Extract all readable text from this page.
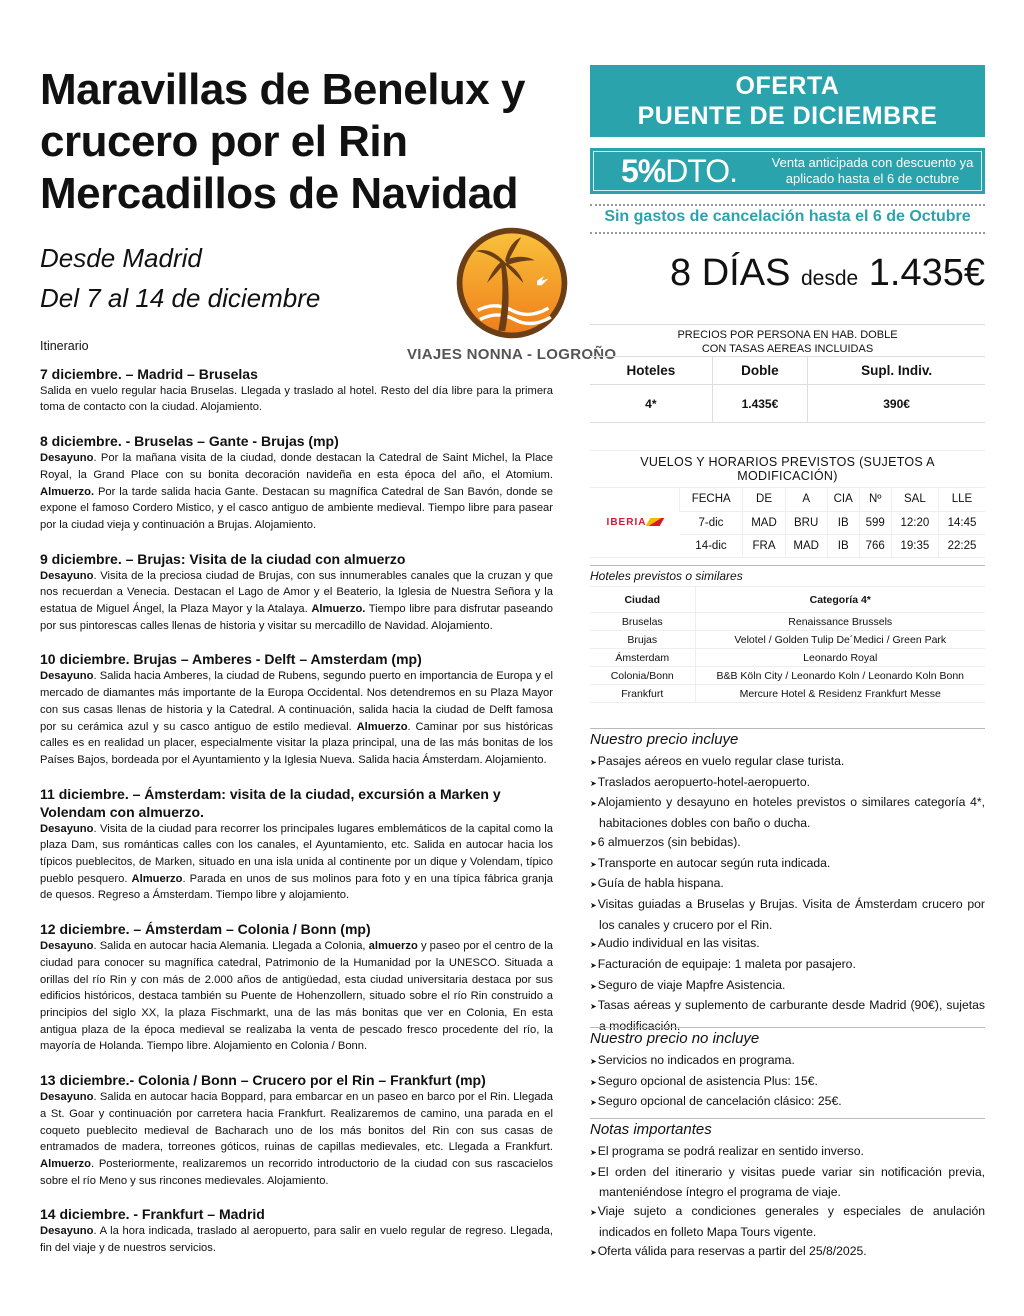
Maravillas de Benelux y
crucero por el Rin
Mercadillos de Navidad
Desde Madrid
Del 7 al 14 de diciembre
VIAJES NONNA - LOGROÑO
Itinerario
7 diciembre. – Madrid – Bruselas

Salida en vuelo regular hacia Bruselas. Llegada y traslado al hotel. Resto del día libre para la primera toma de contacto con la ciudad. Alojamiento.

8 diciembre. - Bruselas – Gante - Brujas (mp)

Desayuno. Por la mañana visita de la ciudad, donde destacan la Catedral de Saint Michel, la Place Royal, la Grand Place con su bonita decoración navideña en esta época del año, el Atomium. Almuerzo. Por la tarde salida hacia Gante. Destacan su magnífica Catedral de San Bavón, donde se expone el famoso Cordero Mistico, y el casco antiguo de ambiente medieval. Tiempo libre para pasear por la ciudad vieja y continuación a Brujas. Alojamiento.

9 diciembre. – Brujas: Visita de la ciudad con almuerzo

Desayuno. Visita de la preciosa ciudad de Brujas, con sus innumerables canales que la cruzan y que nos recuerdan a Venecia. Destacan el Lago de Amor y el Beaterio, la Iglesia de Nuestra Señora y la estatua de Miguel Ángel, la Plaza Mayor y la Atalaya. Almuerzo. Tiempo libre para disfrutar paseando por sus pintorescas calles llenas de historia y visitar su mercadillo de Navidad. Alojamiento.

10 diciembre. Brujas – Amberes - Delft – Amsterdam (mp)

Desayuno. Salida hacia Amberes, la ciudad de Rubens, segundo puerto en importancia de Europa y el mercado de diamantes más importante de la Europa Occidental. Nos detendremos en su Plaza Mayor con sus casas llenas de historia y la Catedral. A continuación, salida hacia la ciudad de Delft famosa por su cerámica azul y su casco antiguo de estilo medieval. Almuerzo. Caminar por sus históricas calles es en realidad un placer, especialmente visitar la plaza principal, una de las más bonitas de los Países Bajos, bordeada por el Ayuntamiento y la Iglesia Nueva. Salida hacia Ámsterdam. Alojamiento.

11 diciembre. – Ámsterdam: visita de la ciudad, excursión a Marken y Volendam con almuerzo.

Desayuno. Visita de la ciudad para recorrer los principales lugares emblemáticos de la capital como la plaza Dam, sus románticas calles con los canales, el Ayuntamiento, etc. Salida en autocar hacia los típicos pueblecitos, de Marken, situado en una isla unida al continente por un dique y Volendam, típico pueblo pesquero. Almuerzo. Parada en unos de sus molinos para foto y en una típica fábrica granja de quesos. Regreso a Ámsterdam. Tiempo libre y alojamiento.

12 diciembre. – Ámsterdam – Colonia / Bonn (mp)

Desayuno. Salida en autocar hacia Alemania. Llegada a Colonia, almuerzo y paseo por el centro de la ciudad para conocer su magnífica catedral, Patrimonio de la Humanidad por la UNESCO. Situada a orillas del río Rin y con más de 2.000 años de antigüedad, esta ciudad universitaria destaca por sus edificios históricos, destaca también su Puente de Hohenzollern, situado sobre el río Rin construido a principios del siglo XX, la plaza Fischmarkt, una de las más bonitas que ver en Colonia, En esta antigua plaza de la época medieval se realizaba la venta de pescado fresco procedente del río, la mayoría de Holanda. Tiempo libre. Alojamiento en Colonia / Bonn.

13 diciembre.- Colonia / Bonn – Crucero por el Rin – Frankfurt (mp)

Desayuno. Salida en autocar hacia Boppard, para embarcar en un paseo en barco por el Rin. Llegada a St. Goar y continuación por carretera hacia Frankfurt. Realizaremos de camino, una parada en el coqueto pueblecito medieval de Bacharach uno de los más bonitos del Rin con sus casas de entramados de madera, torreones góticos, ruinas de capillas medievales, etc. Llegada a Frankfurt. Almuerzo. Posteriormente, realizaremos un recorrido introductorio de la ciudad con sus rascacielos sobre el río Meno y sus rincones medievales. Alojamiento.

14 diciembre. - Frankfurt – Madrid

Desayuno. A la hora indicada, traslado al aeropuerto, para salir en vuelo regular de regreso. Llegada, fin del viaje y de nuestros servicios.

OFERTA
PUENTE DE DICIEMBRE
5%DTO.	Venta anticipada con descuento ya
aplicado hasta el 6 de octubre
Sin gastos de cancelación hasta el 6 de Octubre
8 DÍAS desde 1.435€
PRECIOS POR PERSONA EN HAB. DOBLE
CON TASAS AEREAS INCLUIDAS
Hoteles	Doble	Supl. Indiv.
4*	1.435€	390€
VUELOS Y HORARIOS PREVISTOS (SUJETOS A MODIFICACIÓN)
IBERIA	FECHA	DE	A	CIA	Nº	SAL	LLE
	7-dic	MAD	BRU	IB	599	12:20	14:45
	14-dic	FRA	MAD	IB	766	19:35	22:25
Hoteles previstos o similares
Ciudad	Categoría 4*
Bruselas	Renaissance Brussels
Brujas	Velotel / Golden Tulip De´Medici / Green Park
Ámsterdam	Leonardo Royal
Colonia/Bonn	B&B Köln City / Leonardo Koln / Leonardo Koln Bonn
Frankfurt	Mercure Hotel & Residenz Frankfurt Messe
Nuestro precio incluye
➤ Pasajes aéreos en vuelo regular clase turista.
➤ Traslados aeropuerto-hotel-aeropuerto.
➤ Alojamiento y desayuno en hoteles previstos o similares categoría 4*, habitaciones dobles con baño o ducha.
➤ 6 almuerzos (sin bebidas).
➤ Transporte en autocar según ruta indicada.
➤ Guía de habla hispana.
➤ Visitas guiadas a Bruselas y Brujas. Visita de Ámsterdam crucero por los canales y crucero por el Rin.
➤ Audio individual en las visitas.
➤ Facturación de equipaje: 1 maleta por pasajero.
➤ Seguro de viaje Mapfre Asistencia.
➤ Tasas aéreas y suplemento de carburante desde Madrid (90€), sujetas a modificación.
Nuestro precio no incluye
➤ Servicios no indicados en programa.
➤ Seguro opcional de asistencia Plus: 15€.
➤ Seguro opcional de cancelación clásico: 25€.
Notas importantes
➤ El programa se podrá realizar en sentido inverso.
➤ El orden del itinerario y visitas puede variar sin notificación previa, manteniéndose íntegro el programa de viaje.
➤ Viaje sujeto a condiciones generales y especiales de anulación indicados en folleto Mapa Tours vigente.
➤ Oferta válida para reservas a partir del 25/8/2025.
